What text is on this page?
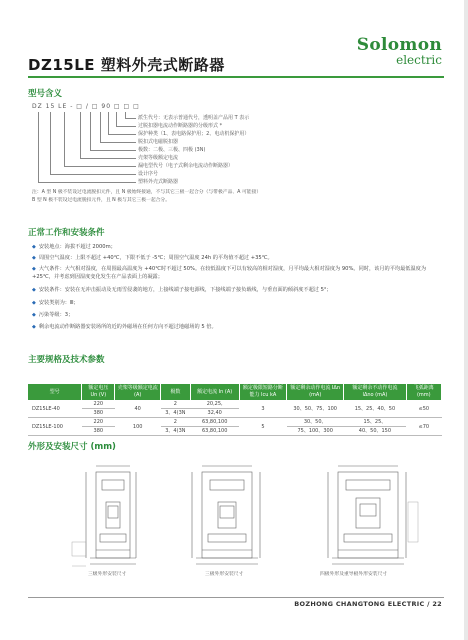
Solomon
electric
DZ15LE 塑料外壳式断路器
型号含义
DZ 15 LE - □ / □ 90 □ □ □
派生代号：无表示普通代号，透明盖产品用 T 表示
过脱扣器电流动作断路器的分级形式 *
保护种类（1、表电路保护用；2、电动机保护用）
脱扣式电磁脱扣器
极数：二极、三极、四极 (3N)
壳架等级额定电流
漏电型代号（电子式剩余电流动作断路器）
设计序号
塑料外壳式断路器
注：A 型 N 极不装设过电流脱扣元件，且 N 极始终接通，不与其它三极一起合分（与带极产品、A 可能接）
B 型 N 极不装设过电流脱扣元件，且 N 极与其它三极一起合分。
正常工作和安装条件
◆ 安装地点：海拔不超过 2000m；
◆ 周围空气温度：上限不超过 +40℃，下限不低于 -5℃；周围空气温度 24h 的平均值不超过 +35℃。
◆ 大气条件：大气相对湿度，在周围最高温度为 +40℃时不超过 50%。在较低温度下可以有较高的相对湿度，月平均最大相对湿度为 90%。同时，该月的平均最低温度为 +25℃，并考虑到因湿度变化发生在产品表面上的凝露；
◆ 安装条件：安装在无冲击振动及无雨雪侵袭的地方，上接线端子接电源线，下接线端子接负载线，与垂直面的倾斜度不超过 5°；
◆ 安装类别为：Ⅲ；
◆ 污染等级：3；
◆ 剩余电流动作断路器安装场所的近的外磁场在任何方向不超过地磁场的 5 倍。
主要规格及技术参数
型号	额定电压 Un (V)	壳架等级额定电流 (A)	极数	额定电流 In (A)	额定极限短路分断能力 Icu kA	额定剩余动作电流 IΔn (mA)	额定剩余不动作电流 IΔno (mA)	飞弧距离 (mm)
DZ15LE-40	220	40	2	20,25,	3	30、50、75、100	15、25、40、50	≤50
	380		3、4(3N	32,40				
DZ15LE-100	220	100	2	63,80,100	5	30、50、	15、25、	≤70
	380		3、4(3N	63,80,100		75、100、300	40、50、150	
外形及安装尺寸 (mm)
三级外形安装尺寸	三极外形安装尺寸	四极外形及重导板外形安装尺寸
BOZHONG CHANGTONG ELECTRIC / 22
